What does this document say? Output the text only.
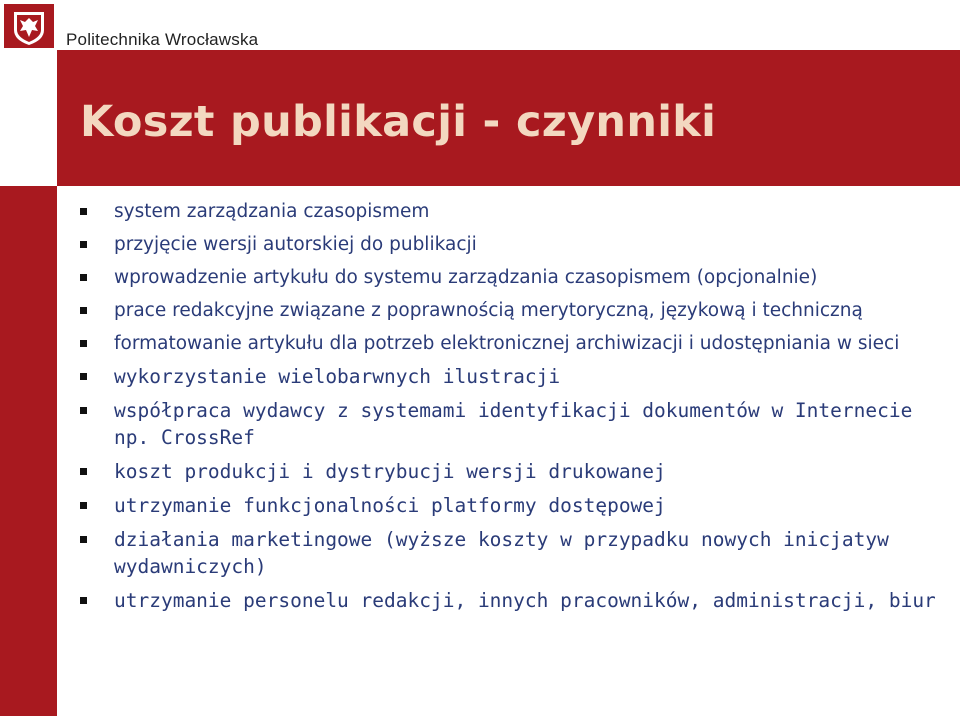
Politechnika Wrocławska
Koszt publikacji - czynniki
system zarządzania czasopismem
przyjęcie wersji autorskiej do publikacji
wprowadzenie artykułu do systemu zarządzania czasopismem (opcjonalnie)
prace redakcyjne związane z poprawnością merytoryczną, językową i techniczną
formatowanie artykułu dla potrzeb elektronicznej archiwizacji i udostępniania w sieci
wykorzystanie wielobarwnych ilustracji
współpraca wydawcy z systemami identyfikacji dokumentów w Internecie np. CrossRef
koszt produkcji i dystrybucji wersji drukowanej
utrzymanie funkcjonalności platformy dostępowej
działania marketingowe (wyższe koszty w przypadku nowych inicjatyw wydawniczych)
utrzymanie personelu redakcji, innych pracowników, administracji, biur
